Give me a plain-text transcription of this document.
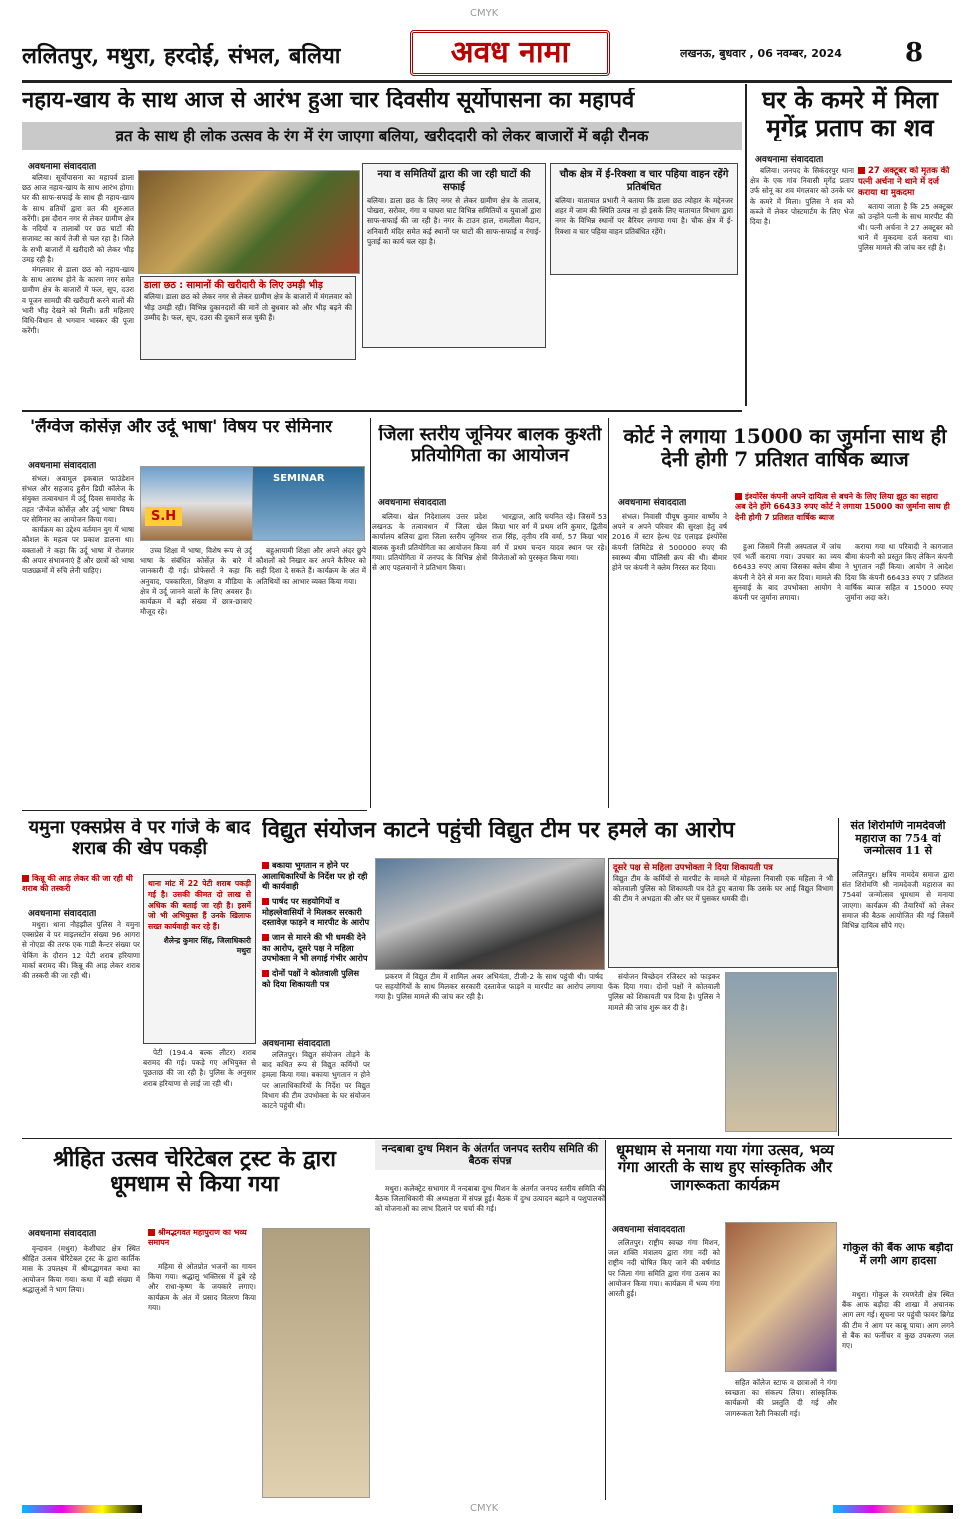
CMYK
ललितपुर, मथुरा, हरदोई, संभल, बलिया	अवध नामा	लखनऊ, बुधवार , 06 नवम्बर, 2024 8
नहाय-खाय के साथ आज से आरंभ हुआ चार दिवसीय सूर्योपासना का महापर्व
व्रत के साथ ही लोक उत्सव के रंग में रंग जाएगा बलिया, खरीददारी को लेकर बाजारों में बढ़ी रौनक
अवधनामा संवाददाता

बलिया। सूर्योपासना का महापर्व डाला छठ आज नहाय-खाय के साथ आरंभ होगा। घर की साफ-सफाई के साथ ही नहाय-खाय के साथ व्रतियों द्वारा व्रत की शुरुआत करेंगी। इस दौरान नगर से लेकर ग्रामीण क्षेत्र के नदियों व तालाबों पर छठ घाटों की सजावट का कार्य तेजी से चल रहा है। जिले के सभी बाजारों में खरीदारी को लेकर भीड़ उमड़ रही है।

मंगलवार से डाला छठ को नहाय-खाय के साथ आरम्भ होने के कारण नगर समेत ग्रामीण क्षेत्र के बाजारों में फल, सूप, दउरा व पूजन सामग्री की खरीदारी करने वालों की भारी भीड़ देखने को मिली। व्रती महिलाएं विधि-विधान से भगवान भास्कर की पूजा करेंगी।

डाला छठ : सामानों की खरीदारी के लिए उमड़ी भीड़
बलिया। डाला छठ को लेकर नगर से लेकर ग्रामीण क्षेत्र के बाजारों में मंगलवार को भीड़ उमड़ी रही। विभिन्न दुकानदारों की मानें तो बुधवार को और भीड़ बढ़ने की उम्मीद है। फल, सूप, दउरा की दुकानें सज चुकी हैं।
नया व समितियों द्वारा की जा रही घाटों की सफाई
बलिया। डाला छठ के लिए नगर से लेकर ग्रामीण क्षेत्र के तालाब, पोखरा, सरोवर, गंगा व घाघरा घाट विभिन्न समितियों व युवाओं द्वारा साफ-सफाई की जा रही है। नगर के टाउन हाल, रामलीला मैदान, शनिवारी मंदिर समेत कई स्थानों पर घाटों की साफ-सफाई व रंगाई-पुताई का कार्य चल रहा है।
चौक क्षेत्र में ई-रिक्शा व चार पहिया वाहन रहेंगे प्रतिबंधित
बलिया। यातायात प्रभारी ने बताया कि डाला छठ त्योहार के मद्देनजर शहर में जाम की स्थिति उत्पन्न ना हो इसके लिए यातायात विभाग द्वारा नगर के विभिन्न स्थानों पर बैरियर लगाया गया है। चौक क्षेत्र में ई-रिक्शा व चार पहिया वाहन प्रतिबंधित रहेंगे।
घर के कमरे में मिला मृगेंद्र प्रताप का शव
अवधनामा संवाददाता

बलिया। जनपद के सिकंदरपुर थाना क्षेत्र के एक गांव निवासी मृगेंद्र प्रताप उर्फ सोनू का शव मंगलवार को उनके घर के कमरे में मिला। पुलिस ने शव को कब्जे में लेकर पोस्टमार्टम के लिए भेज दिया है।

27 अक्टूबर को मृतक की पत्नी अर्चना ने थाने में दर्ज कराया था मुकदमा

बताया जाता है कि 25 अक्टूबर को उन्होंने पत्नी के साथ मारपीट की थी। पत्नी अर्चना ने 27 अक्टूबर को थाने में मुकदमा दर्ज कराया था। पुलिस मामले की जांच कर रही है।

'लैंग्वेज कोर्सेज़ और उर्दू भाषा' विषय पर सेमिनार
अवधनामा संवाददाता

संभल। अवामुल इकबाल फाउंडेशन संभल और सहजाद हुसैन डिग्री कॉलेज के संयुक्त तत्वावधान में उर्दू दिवस समारोह के तहत 'लैंग्वेज कोर्सेज़ और उर्दू भाषा' विषय पर सेमिनार का आयोजन किया गया।

कार्यक्रम का उद्देश्य वर्तमान युग में भाषा कौशल के महत्व पर प्रकाश डालना था। वक्ताओं ने कहा कि उर्दू भाषा में रोजगार की अपार संभावनाएं हैं और छात्रों को भाषा पाठ्यक्रमों में रुचि लेनी चाहिए।

S.H
SEMINAR

उच्च शिक्षा में भाषा, विशेष रूप से उर्दू भाषा के संबंधित कोर्सेज़ के बारे में जानकारी दी गई। प्रोफेसरों ने कहा कि अनुवाद, पत्रकारिता, शिक्षण व मीडिया के क्षेत्र में उर्दू जानने वालों के लिए अवसर हैं। कार्यक्रम में बड़ी संख्या में छात्र-छात्राएं मौजूद रहे।

बहुआयामी शिक्षा और अपने अंदर छुपे कौशलों को निखार कर अपने कैरियर को सही दिशा दे सकते हैं। कार्यक्रम के अंत में अतिथियों का आभार व्यक्त किया गया।

जिला स्तरीय जूनियर बालक कुश्ती प्रतियोगिता का आयोजन
अवधनामा संवाददाता

बलिया। खेल निदेशालय उत्तर प्रदेश लखनऊ के तत्वावधान में जिला खेल कार्यालय बलिया द्वारा जिला स्तरीय जूनियर बालक कुश्ती प्रतियोगिता का आयोजन किया गया। प्रतियोगिता में जनपद के विभिन्न क्षेत्रों से आए पहलवानों ने प्रतिभाग किया।

भारद्वाज, आदि चयनित रहे। जिसमें 53 किग्रा भार वर्ग में प्रथम शनि कुमार, द्वितीय राज सिंह, तृतीय रवि वर्मा, 57 किग्रा भार वर्ग में प्रथम चन्दन यादव स्थान पर रहे। विजेताओं को पुरस्कृत किया गया।

कोर्ट ने लगाया 15000 का जुर्माना साथ ही देनी होगी 7 प्रतिशत वार्षिक ब्याज
अवधनामा संवाददाता
इंश्योरेंस कंपनी अपने दायित्व से बचने के लिए लिया झूठ का सहारा अब देने होंगे 66433 रुपए कोर्ट ने लगाया 15000 का जुर्माना साथ ही देनी होगी 7 प्रतिशत वार्षिक ब्याज

संभल। निवासी पीयूष कुमार वार्ष्णेय ने अपने व अपने परिवार की सुरक्षा हेतु वर्ष 2016 में स्टार हेल्थ एंड एलाइड इंश्योरेंस कंपनी लिमिटेड से 500000 रुपए की स्वास्थ्य बीमा पॉलिसी क्रय की थी। बीमार होने पर कंपनी ने क्लेम निरस्त कर दिया।

हुआ जिसमें निजी अस्पताल में जांच एवं भर्ती कराया गया। उपचार का व्यय 66433 रुपए आया जिसका क्लेम बीमा कंपनी ने देने से मना कर दिया। मामले की सुनवाई के बाद उपभोक्ता आयोग ने कंपनी पर जुर्माना लगाया।

कराया गया था परिवादी ने कागजात बीमा कंपनी को प्रस्तुत किए लेकिन कंपनी ने भुगतान नहीं किया। आयोग ने आदेश दिया कि कंपनी 66433 रुपए 7 प्रतिशत वार्षिक ब्याज सहित व 15000 रुपए जुर्माना अदा करे।

यमुना एक्सप्रेस वे पर गांजे के बाद शराब की खेप पकड़ी
किन्नू की आड़ लेकर की जा रही थी शराब की तस्करी
अवधनामा संवाददाता

मथुरा। थाना नौहझील पुलिस ने यमुना एक्सप्रेस वे पर माइलस्टोन संख्या 96 आगरा से नोएडा की तरफ एक गाडी कैन्टर संख्या पर चेकिंग के दौरान 12 पेटी शराब हरियाणा मार्का बरामद की। किन्नू की आड़ लेकर शराब की तस्करी की जा रही थी।

थाना मांट में 22 पेटी शराब पकड़ी गई है। उसकी कीमत दो लाख से अधिक की बताई जा रही है। इसमें जो भी अभियुक्त हैं उनके खिलाफ सख्त कार्यवाही कर रहे हैं।
शैलेन्द्र कुमार सिंह, जिलाधिकारी मथुरा

पेटी (194.4 बल्क लीटर) शराब बरामद की गई। पकड़े गए अभियुक्त से पूछताछ की जा रही है। पुलिस के अनुसार शराब हरियाणा से लाई जा रही थी।

विद्युत संयोजन काटने पहुंची विद्युत टीम पर हमले का आरोप
बकाया भुगतान न होने पर आलाधिकारियों के निर्देश पर हो रही थी कार्यवाही
पार्षद पर सहयोगियों व मोहल्लेवासियों ने मिलकर सरकारी दस्तावेज़ फाड़ने व मारपीट के आरोप
जान से मारने की भी धमकी देने का आरोप, दूसरे पक्ष ने महिला उपभोक्ता ने भी लगाई गंभीर आरोप
दोनों पक्षों ने कोतवाली पुलिस को दिया शिकायती पत्र
अवधनामा संवाददाता

ललितपुर। विद्युत संयोजन तोड़ने के बाद कथित रूप से विद्युत कर्मियों पर हमला किया गया। बकाया भुगतान न होने पर आलाधिकारियों के निर्देश पर विद्युत विभाग की टीम उपभोक्ता के घर संयोजन काटने पहुंची थी।

प्रकरण में विद्युत टीम में शामिल अवर अभियंता, टीजी-2 के साथ पहुंची थी। पार्षद पर सहयोगियों के साथ मिलकर सरकारी दस्तावेज फाड़ने व मारपीट का आरोप लगाया गया है। पुलिस मामले की जांच कर रही है।

दूसरे पक्ष से महिला उपभोक्ता ने दिया शिकायती पत्र
विद्युत टीम के कर्मियों से मारपीट के मामले में मोहल्ला निवासी एक महिला ने भी कोतवाली पुलिस को शिकायती पत्र देते हुए बताया कि उसके घर आई विद्युत विभाग की टीम ने अभद्रता की और घर में घुसकर धमकी दी।

संयोजन विच्छेदन रजिस्टर को फाड़कर फेंक दिया गया। दोनों पक्षों ने कोतवाली पुलिस को शिकायती पत्र दिया है। पुलिस ने मामले की जांच शुरू कर दी है।

संत शिरोमणि नामदेवजी महाराज का 754 वां जन्मोत्सव 11 से

ललितपुर। क्षत्रिय नामदेव समाज द्वारा संत शिरोमणि श्री नामदेवजी महाराज का 754वां जन्मोत्सव धूमधाम से मनाया जाएगा। कार्यक्रम की तैयारियों को लेकर समाज की बैठक आयोजित की गई जिसमें विभिन्न दायित्व सौंपे गए।

श्रीहित उत्सव चेरिटेबल ट्रस्ट के द्वारा धूमधाम से किया गया
अवधनामा संवाददाता	श्रीमद्भगवत महापुराण का भव्य समापन

वृन्दावन (मथुरा) केशीघाट क्षेत्र स्थित श्रीहित उत्सव चेरिटेबल ट्रस्ट के द्वारा कार्तिक मास के उपलक्ष्य में श्रीमद्भागवत कथा का आयोजन किया गया। कथा में बड़ी संख्या में श्रद्धालुओं ने भाग लिया।

महिमा से ओतप्रोत भजनों का गायन किया गया। श्रद्धालु भक्तिरस में डूबे रहे और राधा-कृष्ण के जयकारे लगाए। कार्यक्रम के अंत में प्रसाद वितरण किया गया।

नन्दबाबा दुग्ध मिशन के अंतर्गत जनपद स्तरीय समिति की बैठक संपन्न

मथुरा। कलेक्ट्रेट सभागार में नन्दबाबा दुग्ध मिशन के अंतर्गत जनपद स्तरीय समिति की बैठक जिलाधिकारी की अध्यक्षता में संपन्न हुई। बैठक में दुग्ध उत्पादन बढ़ाने व पशुपालकों को योजनाओं का लाभ दिलाने पर चर्चा की गई।

धूमधाम से मनाया गया गंगा उत्सव, भव्य गंगा आरती के साथ हुए सांस्कृतिक और जागरूकता कार्यक्रम
अवधनामा संवादददाता

ललितपुर। राष्ट्रीय स्वच्छ गंगा मिशन, जल शक्ति मंत्रालय द्वारा गंगा नदी को राष्ट्रीय नदी घोषित किए जाने की वर्षगांठ पर जिला गंगा समिति द्वारा गंगा उत्सव का आयोजन किया गया। कार्यक्रम में भव्य गंगा आरती हुई।

सहित कॉलेज स्टाफ व छात्राओं ने गंगा स्वच्छता का संकल्प लिया। सांस्कृतिक कार्यक्रमों की प्रस्तुति दी गई और जागरूकता रैली निकाली गई।

गोकुल की बैंक आफ बड़ौदा में लगी आग हादसा

मथुरा। गोकुल के रमणरेती क्षेत्र स्थित बैंक आफ बड़ौदा की शाखा में अचानक आग लग गई। सूचना पर पहुंची फायर ब्रिगेड की टीम ने आग पर काबू पाया। आग लगने से बैंक का फर्नीचर व कुछ उपकरण जल गए।

CMYK
